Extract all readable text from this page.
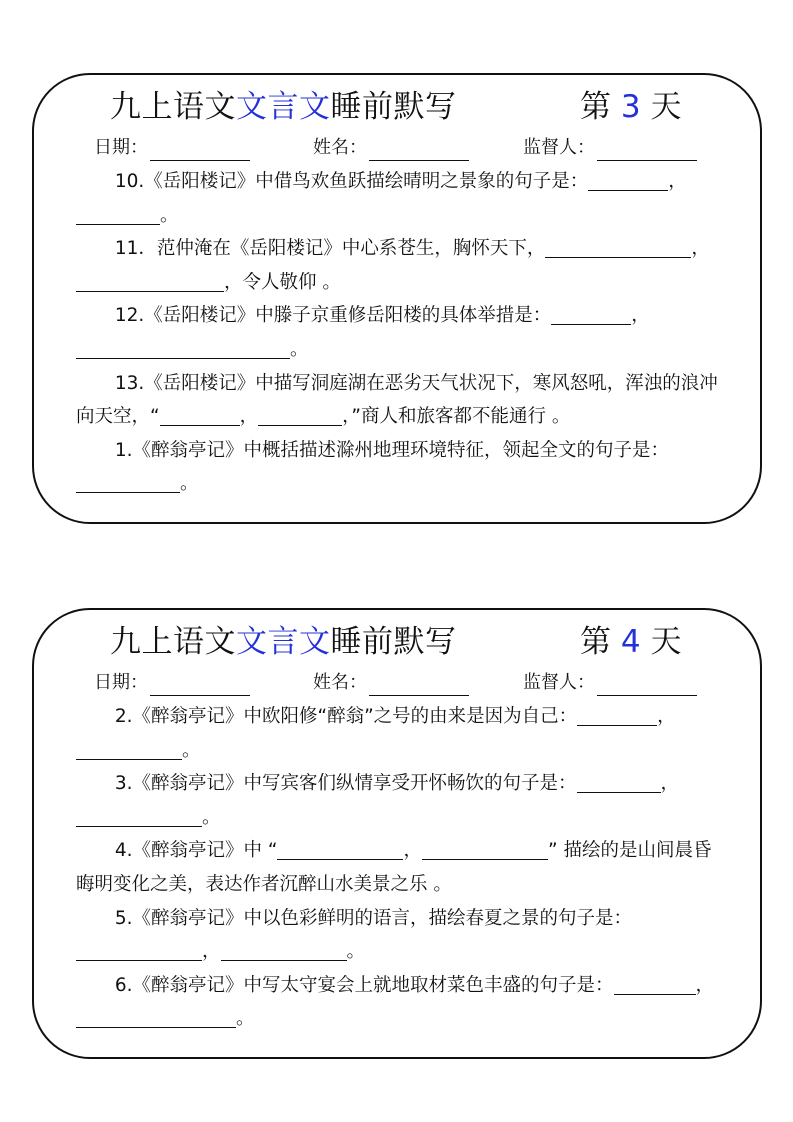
九上语文文言文睡前默写	第 3 天
日期：	姓名：	监督人：

10.《岳阳楼记》中借鸟欢鱼跃描绘晴明之景象的句子是：	，。

11．范仲淹在《岳阳楼记》中心系苍生，胸怀天下，	，，令人敬仰 。

12.《岳阳楼记》中滕子京重修岳阳楼的具体举措是：	，。

13.《岳阳楼记》中描写洞庭湖在恶劣天气状况下，寒风怒吼，浑浊的浪冲向天空，“	，	，”商人和旅客都不能通行 。

1.《醉翁亭记》中概括描述滁州地理环境特征，领起全文的句子是：。

九上语文文言文睡前默写	第 4 天
日期：	姓名：	监督人：

2.《醉翁亭记》中欧阳修“醉翁”之号的由来是因为自己：	，。

3.《醉翁亭记》中写宾客们纵情享受开怀畅饮的句子是：	，。

4.《醉翁亭记》中 “	，	” 描绘的是山间晨昏晦明变化之美，表达作者沉醉山水美景之乐 。

5.《醉翁亭记》中以色彩鲜明的语言，描绘春夏之景的句子是：，	。

6.《醉翁亭记》中写太守宴会上就地取材菜色丰盛的句子是：	，。
